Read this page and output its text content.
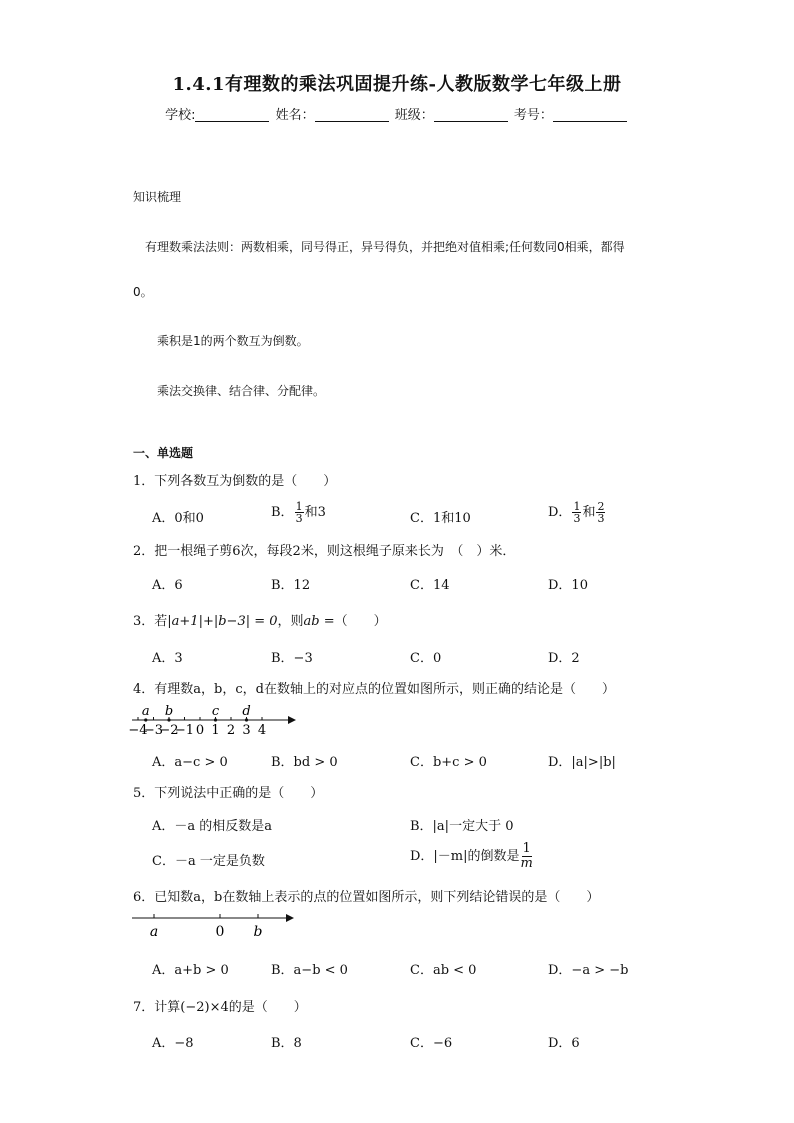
1.4.1有理数的乘法巩固提升练-人教版数学七年级上册
学校:	姓名：	班级：	考号：
知识梳理
有理数乘法法则：两数相乘，同号得正，异号得负，并把绝对值相乘;任何数同0相乘，都得
0。
乘积是1的两个数互为倒数。
乘法交换律、结合律、分配律。
一、单选题
1．下列各数互为倒数的是（　　）
A．0和0	B． $\frac{1}{3}$ 和3	C．1和10	D． $\frac{1}{3}$ 和 $\frac{2}{3}$
2．把一根绳子剪6次，每段2米，则这根绳子原来长为　（　）米．
A．6	B．12	C．14	D．10
3．若|a+1|+|b−3| = 0，则ab =（　　）
A．3	B．−3	C．0	D．2
4．有理数a，b，c，d在数轴上的对应点的位置如图所示，则正确的结论是（　　）
−4
−3
−2
−1 0 1 2 3 4
a b	c d
A．a−c > 0	B．bd > 0	C．b+c > 0	D．|a|>|b|
5．下列说法中正确的是（　　）
A．－a 的相反数是a	B．|a|一定大于 0
C．－a 一定是负数	D．|－m|的倒数是 $\frac{1}{m}$
6．已知数a，b在数轴上表示的点的位置如图所示，则下列结论错误的是（　　）
a	0 b
A．a+b > 0	B．a−b < 0	C．ab < 0	D．−a > −b
7．计算(−2)×4的是（　　）
A．−8	B．8	C．−6	D．6
